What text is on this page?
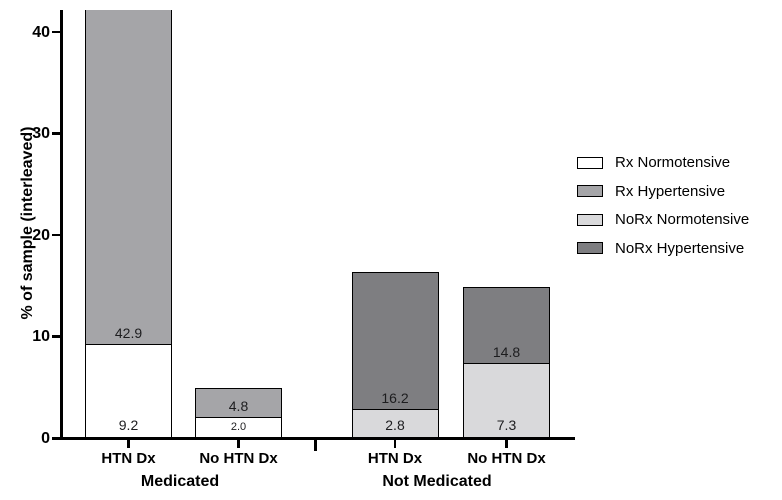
% of sample (interleaved)
0
10
20
30
40
42.9
9.2
HTN Dx
4.8
2.0
No HTN Dx
16.2
2.8
HTN Dx
14.8
7.3
No HTN Dx
Medicated	Not Medicated
Rx Normotensive
Rx Hypertensive
NoRx Normotensive
NoRx Hypertensive
